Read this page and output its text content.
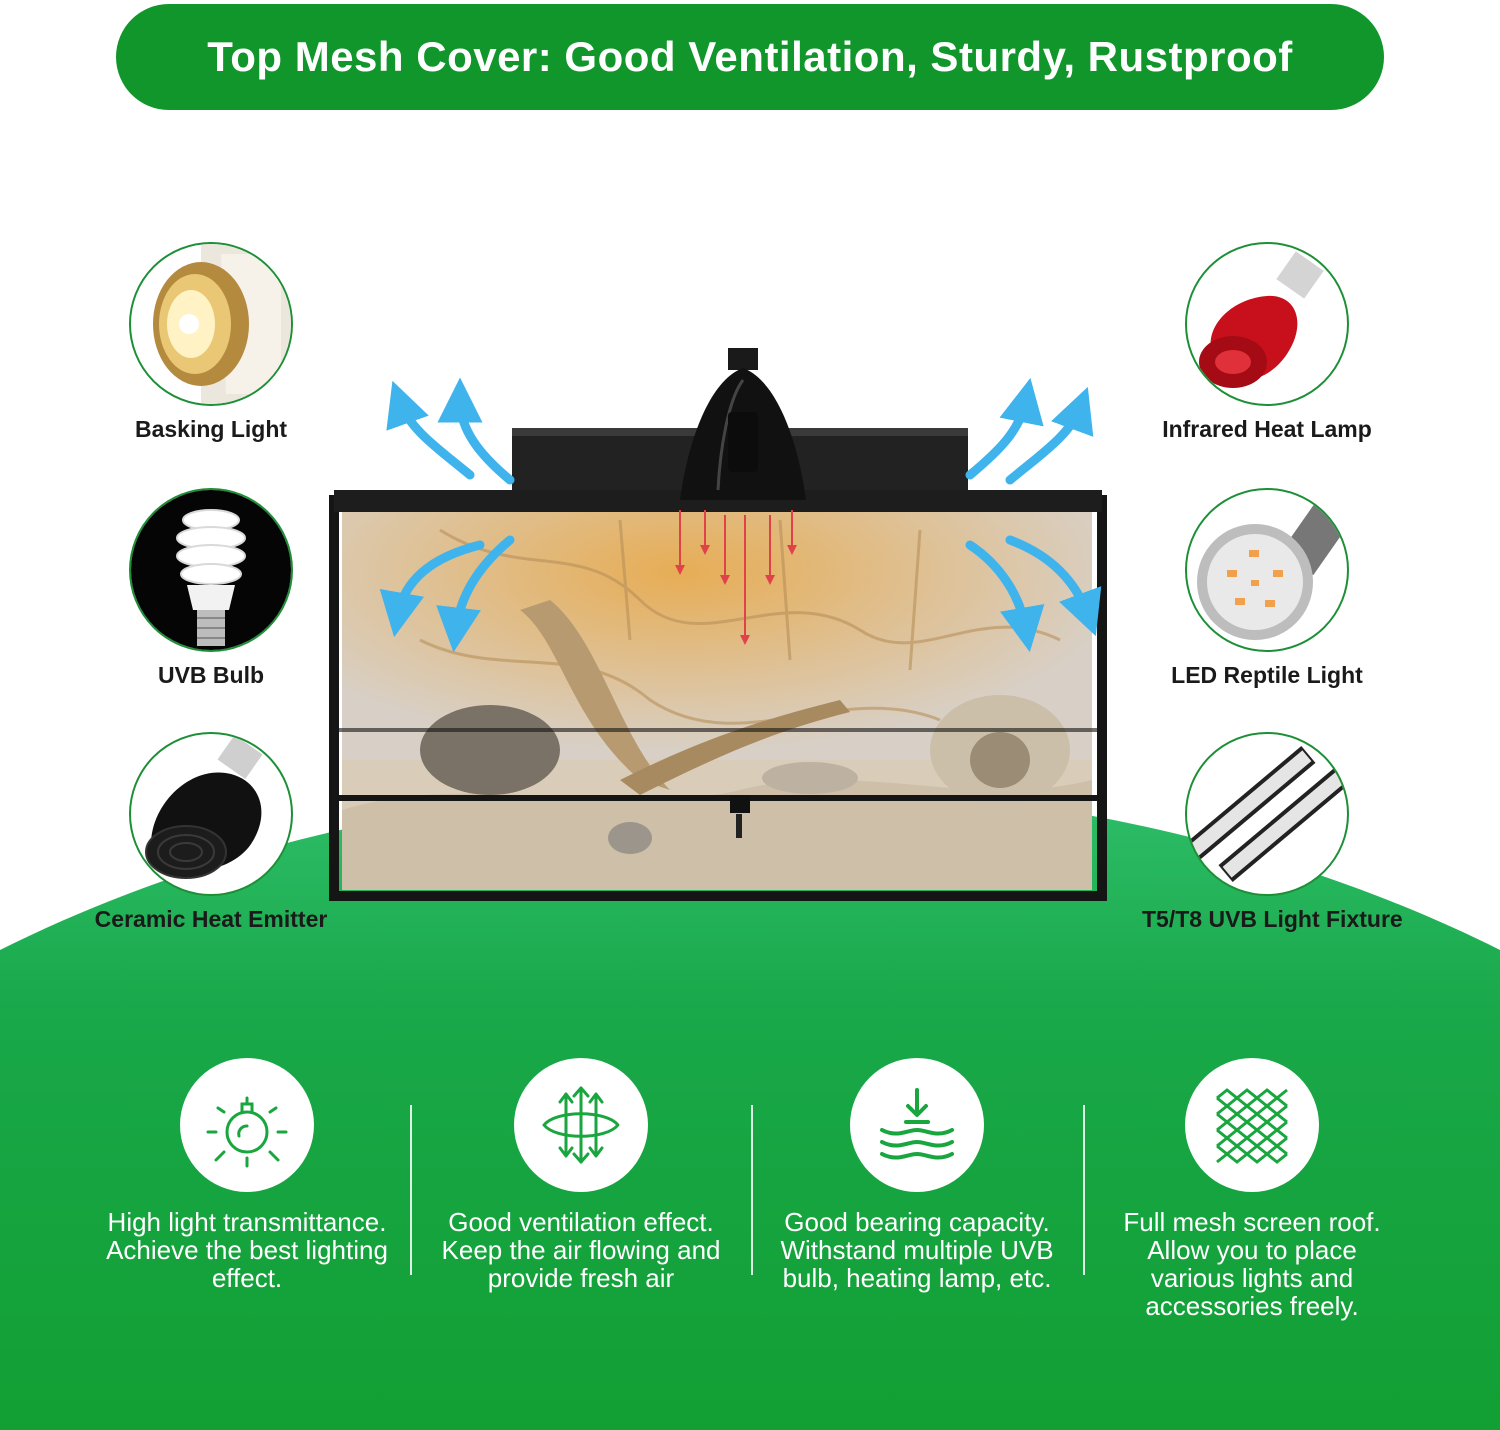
Top Mesh Cover: Good Ventilation, Sturdy, Rustproof
Basking Light
UVB Bulb
Ceramic Heat Emitter
Infrared Heat Lamp
LED Reptile Light
T5/T8 UVB Light Fixture
High light transmittance.
Achieve the best lighting
effect.
Good ventilation effect.
Keep the air flowing and
provide fresh air
Good bearing capacity.
Withstand multiple UVB
bulb, heating lamp, etc.
Full mesh screen roof.
Allow you to place
various lights and
accessories freely.
